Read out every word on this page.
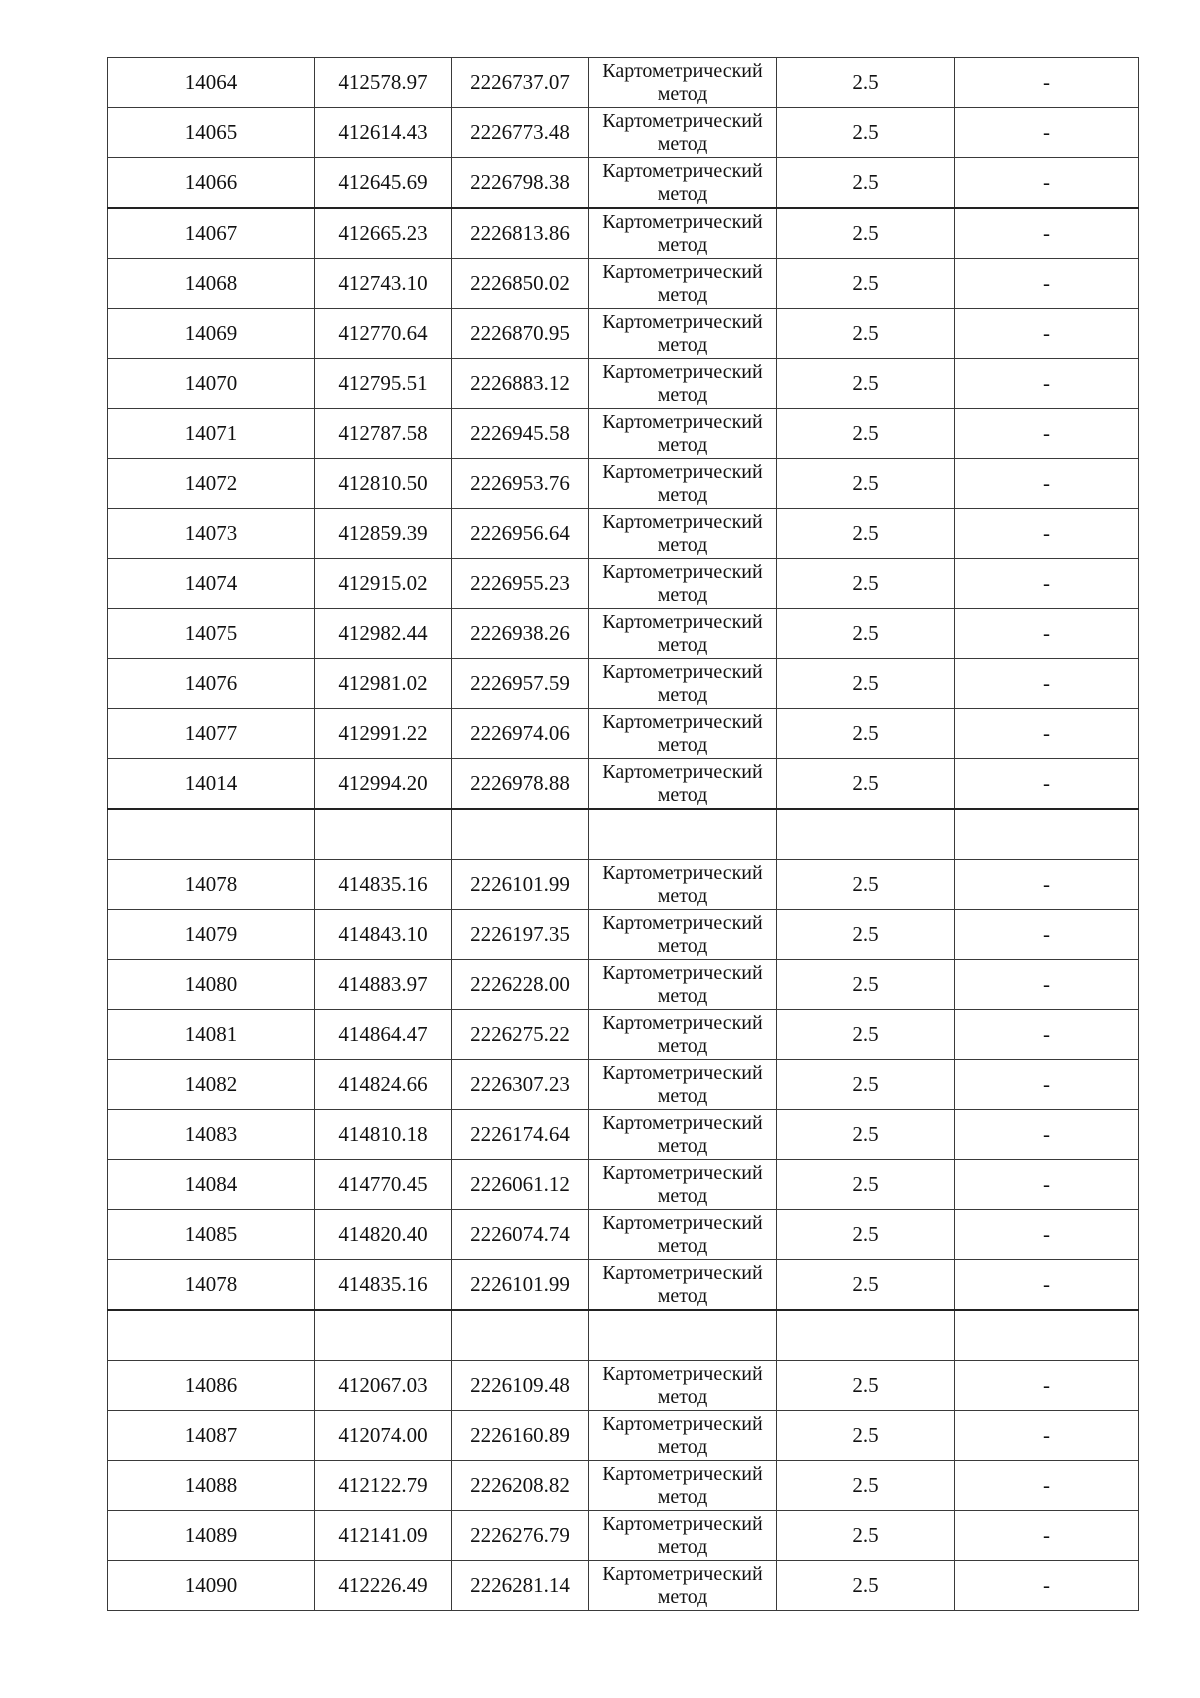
14064	412578.97	2226737.07	Картометрический метод	2.5	-
14065	412614.43	2226773.48	Картометрический метод	2.5	-
14066	412645.69	2226798.38	Картометрический метод	2.5	-
14067	412665.23	2226813.86	Картометрический метод	2.5	-
14068	412743.10	2226850.02	Картометрический метод	2.5	-
14069	412770.64	2226870.95	Картометрический метод	2.5	-
14070	412795.51	2226883.12	Картометрический метод	2.5	-
14071	412787.58	2226945.58	Картометрический метод	2.5	-
14072	412810.50	2226953.76	Картометрический метод	2.5	-
14073	412859.39	2226956.64	Картометрический метод	2.5	-
14074	412915.02	2226955.23	Картометрический метод	2.5	-
14075	412982.44	2226938.26	Картометрический метод	2.5	-
14076	412981.02	2226957.59	Картометрический метод	2.5	-
14077	412991.22	2226974.06	Картометрический метод	2.5	-
14014	412994.20	2226978.88	Картометрический метод	2.5	-

14078	414835.16	2226101.99	Картометрический метод	2.5	-
14079	414843.10	2226197.35	Картометрический метод	2.5	-
14080	414883.97	2226228.00	Картометрический метод	2.5	-
14081	414864.47	2226275.22	Картометрический метод	2.5	-
14082	414824.66	2226307.23	Картометрический метод	2.5	-
14083	414810.18	2226174.64	Картометрический метод	2.5	-
14084	414770.45	2226061.12	Картометрический метод	2.5	-
14085	414820.40	2226074.74	Картометрический метод	2.5	-
14078	414835.16	2226101.99	Картометрический метод	2.5	-

14086	412067.03	2226109.48	Картометрический метод	2.5	-
14087	412074.00	2226160.89	Картометрический метод	2.5	-
14088	412122.79	2226208.82	Картометрический метод	2.5	-
14089	412141.09	2226276.79	Картометрический метод	2.5	-
14090	412226.49	2226281.14	Картометрический метод	2.5	-
